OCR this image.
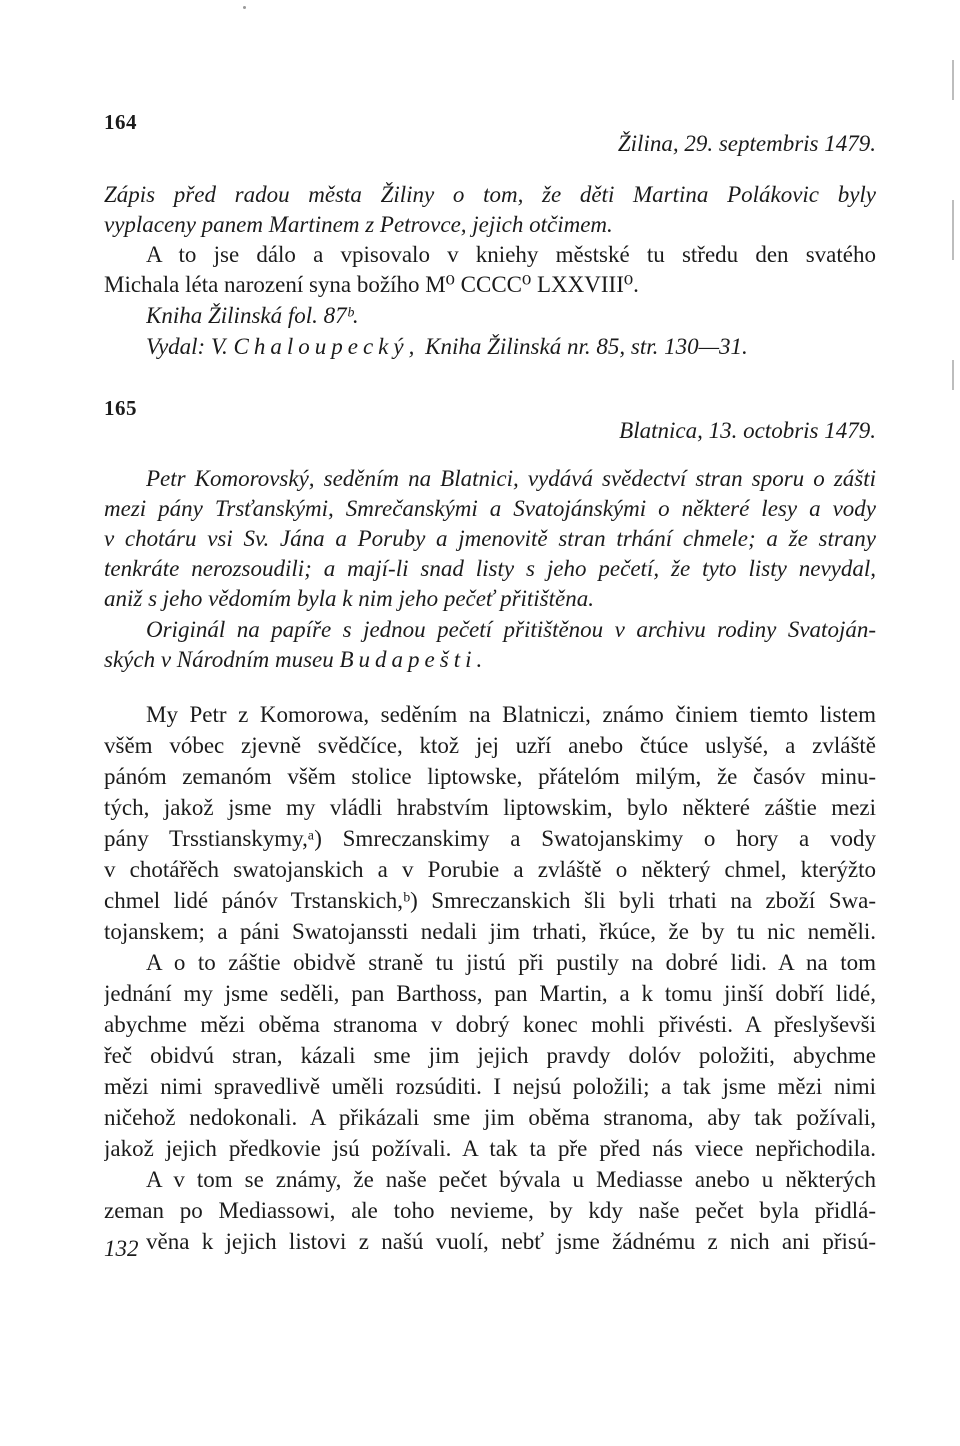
164
Žilina, 29. septembris 1479.
Zápis před radou města Žiliny o tom, že děti Martina Polákovic byly
vyplaceny panem Martinem z Petrovce, jejich otčimem.
A to jse dálo a vpisovalo v kniehy městské tu středu den svatého
Michala léta narození syna božího M⁰ CCCC⁰ LXXVIII⁰.
Kniha Žilinská fol. 87ᵇ.
Vydal: V. Chaloupecký, Kniha Žilinská nr. 85, str. 130—31.
165
Blatnica, 13. octobris 1479.
Petr Komorovský, seděním na Blatnici, vydává svědectví stran sporu o zášti
mezi pány Trsťanskými, Smrečanskými a Svatojánskými o některé lesy a vody
v chotáru vsi Sv. Jána a Poruby a jmenovitě stran trhání chmele; a že strany
tenkráte nerozsoudili; a mají-li snad listy s jeho pečetí, že tyto listy nevydal,
aniž s jeho vědomím byla k nim jeho pečeť přitištěna.
Originál na papíře s jednou pečetí přitištěnou v archivu rodiny Svatoján-
ských v Národním museu Budapešti.
My Petr z Komorowa, seděním na Blatniczi, známo činiem tiemto listem
všěm vóbec zjevně svědčíce, ktož jej uzří anebo čtúce uslyšé, a zvláště
pánóm zemanóm všěm stolice liptowske, přátelóm milým, že časóv minu-
tých, jakož jsme my vládli hrabstvím liptowskim, bylo některé záštie mezi
pány Trsstianskymy,ᵃ) Smreczanskimy a Swatojanskimy o hory a vody
v chotářěch swatojanskich a v Porubie a zvláště o některý chmel, kterýžto
chmel lidé pánóv Trstanskich,ᵇ) Smreczanskich šli byli trhati na zboží Swa-
tojanskem; a páni Swatojanssti nedali jim trhati, řkúce, že by tu nic neměli.
A o to záštie obidvě straně tu jistú při pustily na dobré lidi. A na tom
jednání my jsme seděli, pan Barthoss, pan Martin, a k tomu jinší dobří lidé,
abychme mězi oběma stranoma v dobrý konec mohli přivésti. A přeslyševši
řeč obidvú stran, kázali sme jim jejich pravdy dolóv položiti, abychme
mězi nimi spravedlivě uměli rozsúditi. I nejsú položili; a tak jsme mězi nimi
ničehož nedokonali. A přikázali sme jim oběma stranoma, aby tak požívali,
jakož jejich předkovie jsú požívali. A tak ta pře před nás viece nepřichodila.
A v tom se známy, že naše pečet bývala u Mediasse anebo u některých
zeman po Mediassowi, ale toho nevieme, by kdy naše pečet byla přidlá-
věna k jejich listovi z našú vuolí, nebť jsme žádnému z nich ani přisú-
132
